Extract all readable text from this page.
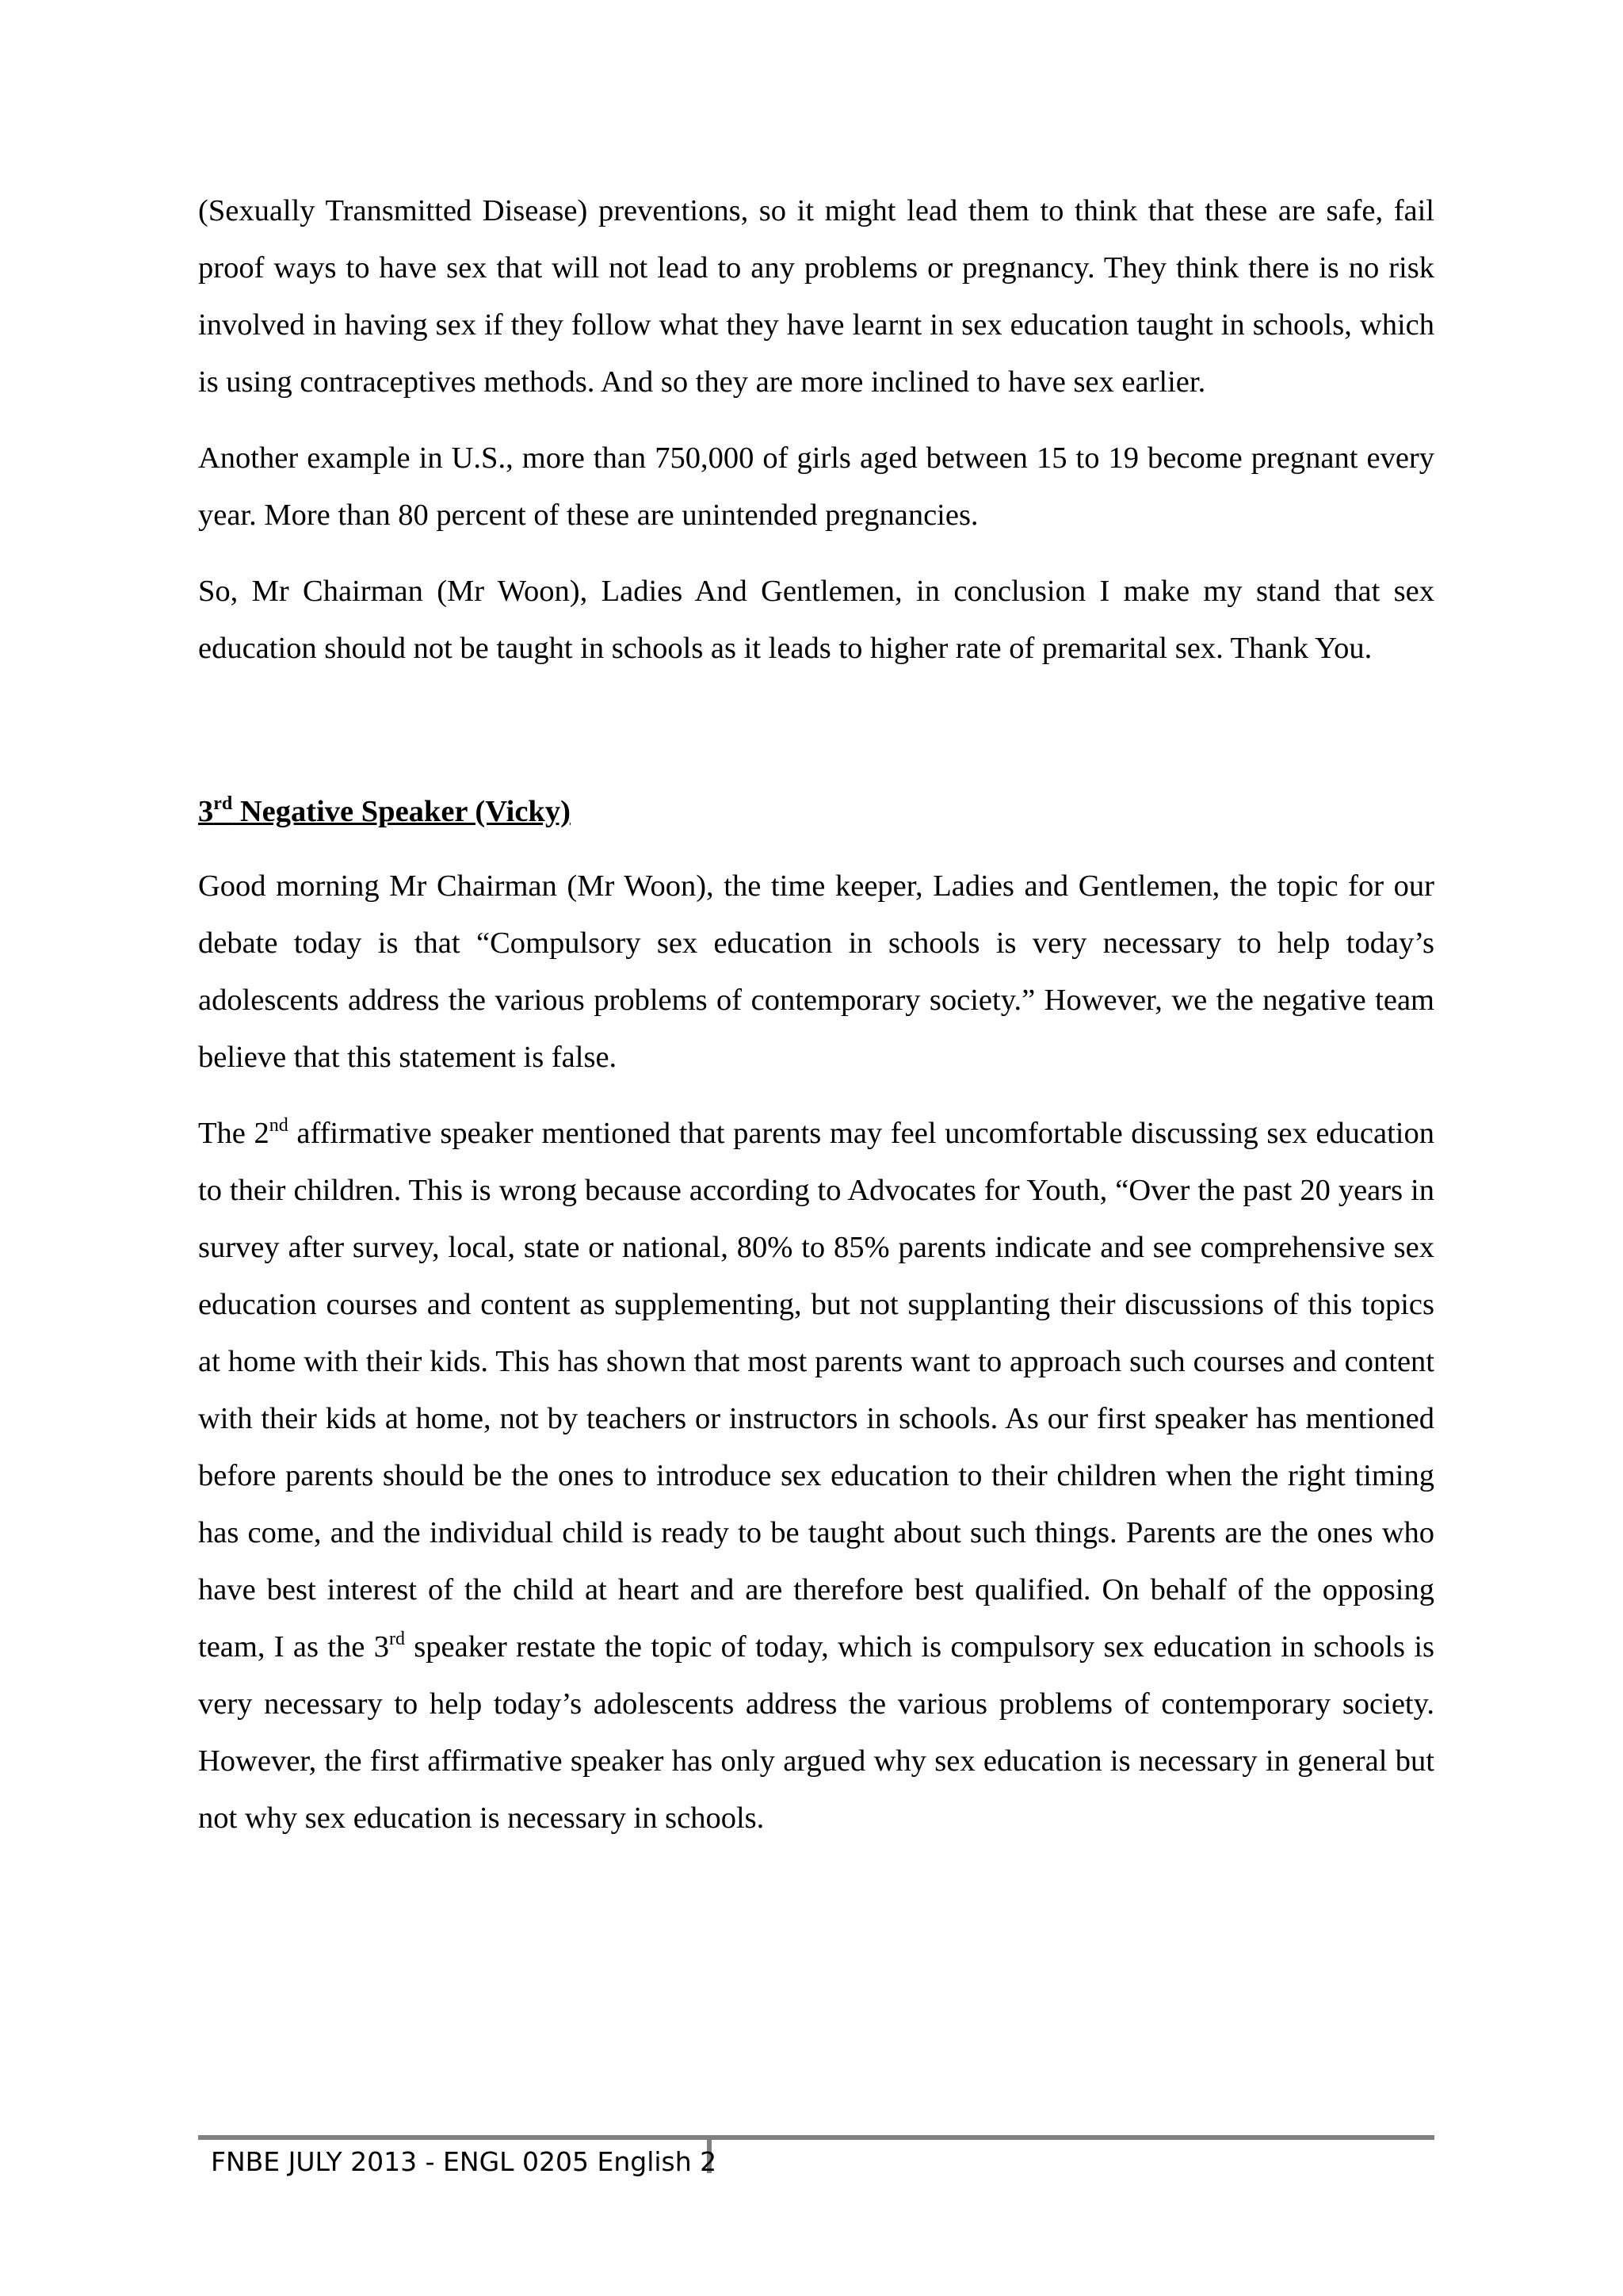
(Sexually Transmitted Disease) preventions, so it might lead them to think that these are safe, fail proof ways to have sex that will not lead to any problems or pregnancy. They think there is no risk involved in having sex if they follow what they have learnt in sex education taught in schools, which is using contraceptives methods. And so they are more inclined to have sex earlier.

Another example in U.S., more than 750,000 of girls aged between 15 to 19 become pregnant every year. More than 80 percent of these are unintended pregnancies.

So, Mr Chairman (Mr Woon), Ladies And Gentlemen, in conclusion I make my stand that sex education should not be taught in schools as it leads to higher rate of premarital sex. Thank You.

3rd Negative Speaker (Vicky)

Good morning Mr Chairman (Mr Woon), the time keeper, Ladies and Gentlemen, the topic for our debate today is that “Compulsory sex education in schools is very necessary to help today’s adolescents address the various problems of contemporary society.” However, we the negative team believe that this statement is false.

The 2nd affirmative speaker mentioned that parents may feel uncomfortable discussing sex education to their children. This is wrong because according to Advocates for Youth, “Over the past 20 years in survey after survey, local, state or national, 80% to 85% parents indicate and see comprehensive sex education courses and content as supplementing, but not supplanting their discussions of this topics at home with their kids. This has shown that most parents want to approach such courses and content with their kids at home, not by teachers or instructors in schools. As our first speaker has mentioned before parents should be the ones to introduce sex education to their children when the right timing has come, and the individual child is ready to be taught about such things. Parents are the ones who have best interest of the child at heart and are therefore best qualified. On behalf of the opposing team, I as the 3rd speaker restate the topic of today, which is compulsory sex education in schools is very necessary to help today’s adolescents address the various problems of contemporary society. However, the first affirmative speaker has only argued why sex education is necessary in general but not why sex education is necessary in schools.

FNBE JULY 2013 - ENGL 0205 English 2
